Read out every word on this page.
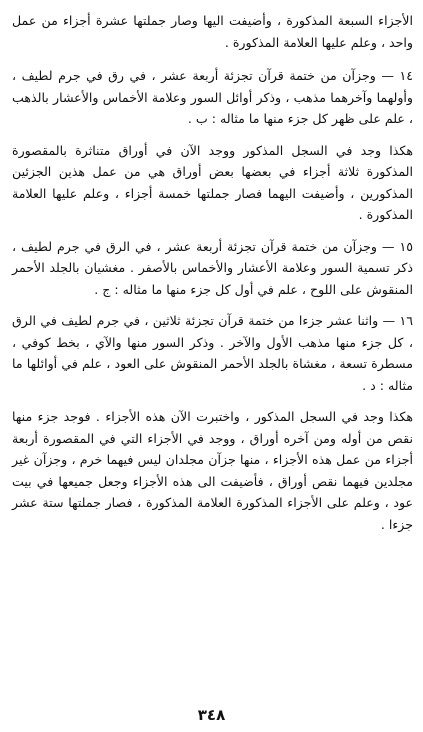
الأجزاء السبعة المذكورة ، وأضيفت اليها وصار جملتها عشرة أجزاء من عمل واحد ، وعلم عليها العلامة المذكورة .

١٤ — وجزآن من ختمة قرآن تجزئة أربعة عشر ، في رق في جرم لطيف ، وأولهما وآخرهما مذهب ، وذكر أوائل السور وعلامة الأخماس والأعشار بالذهب ، علم على ظهر كل جزء منها ما مثاله : ب .

هكذا وجد في السجل المذكور ووجد الآن في أوراق متناثرة بالمقصورة المذكورة ثلاثة أجزاء في بعضها بعض أوراق هي من عمل هذين الجزئين المذكورين ، وأضيفت اليهما فصار جملتها خمسة أجزاء ، وعلم عليها العلامة المذكورة .

١٥ — وجزآن من ختمة قرآن تجزئة أربعة عشر ، في الرق في جرم لطيف ، ذكر تسمية السور وعلامة الأعشار والأخماس بالأصفر . مغشيان بالجلد الأحمر المنقوش على اللوح ، علم في أول كل جزء منها ما مثاله : ج .

١٦ — واثنا عشر جزءا من ختمة قرآن تجزئة ثلاثين ، في جرم لطيف في الرق ، كل جزء منها مذهب الأول والآخر . وذكر السور منها والآي ، بخط كوفي ، مسطرة تسعة ، مغشاة بالجلد الأحمر المنقوش على العود ، علم في أوائلها ما مثاله : د .

هكذا وجد في السجل المذكور ، واختبرت الآن هذه الأجزاء . فوجد جزء منها نقص من أوله ومن آخره أوراق ، ووجد في الأجزاء التي في المقصورة أربعة أجزاء من عمل هذه الأجزاء ، منها جزآن مجلدان ليس فيهما خرم ، وجزآن غير مجلدين فيهما نقص أوراق ، فأضيفت الى هذه الأجزاء وجعل جميعها في بيت عود ، وعلم على الأجزاء المذكورة العلامة المذكورة ، فصار جملتها ستة عشر جزءا .

٣٤٨
